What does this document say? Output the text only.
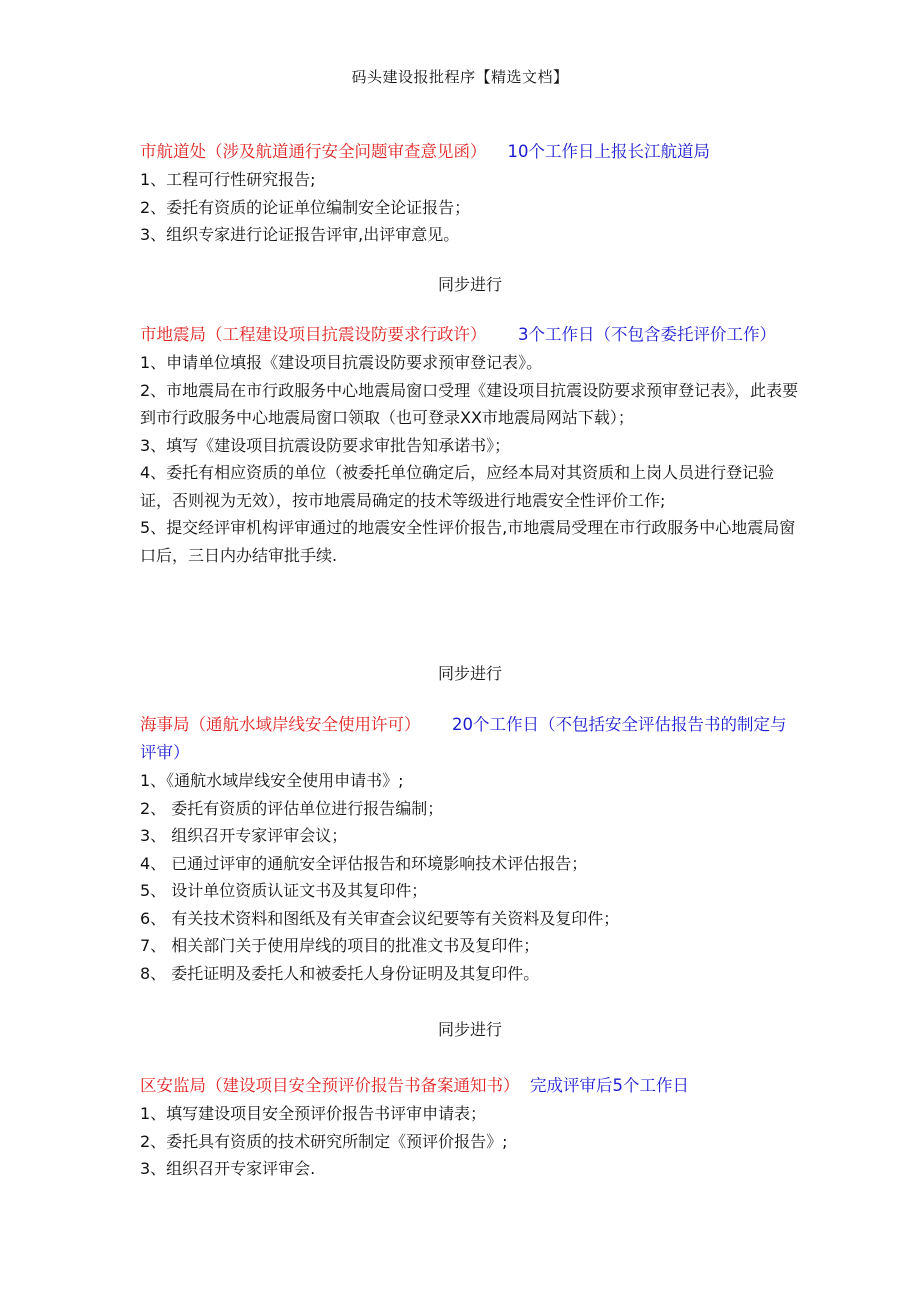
码头建设报批程序【精选文档】

市航道处（涉及航道通行安全问题审查意见函） 10个工作日上报长江航道局

1、工程可行性研究报告;

2、委托有资质的论证单位编制安全论证报告；

3、组织专家进行论证报告评审,出评审意见。

同步进行

市地震局（工程建设项目抗震设防要求行政许） 3个工作日（不包含委托评价工作）

1、申请单位填报《建设项目抗震设防要求预审登记表》。

2、市地震局在市行政服务中心地震局窗口受理《建设项目抗震设防要求预审登记表》，此表要到市行政服务中心地震局窗口领取（也可登录XX市地震局网站下载）；

3、填写《建设项目抗震设防要求审批告知承诺书》；

4、委托有相应资质的单位（被委托单位确定后，应经本局对其资质和上岗人员进行登记验证，否则视为无效），按市地震局确定的技术等级进行地震安全性评价工作;

5、提交经评审机构评审通过的地震安全性评价报告,市地震局受理在市行政服务中心地震局窗口后，三日内办结审批手续.

同步进行

海事局（通航水域岸线安全使用许可） 20个工作日（不包括安全评估报告书的制定与评审）

1、《通航水域岸线安全使用申请书》;

2、 委托有资质的评估单位进行报告编制；

3、 组织召开专家评审会议；

4、 已通过评审的通航安全评估报告和环境影响技术评估报告；

5、 设计单位资质认证文书及其复印件；

6、 有关技术资料和图纸及有关审查会议纪要等有关资料及复印件；

7、 相关部门关于使用岸线的项目的批准文书及复印件；

8、 委托证明及委托人和被委托人身份证明及其复印件。

同步进行

区安监局（建设项目安全预评价报告书备案通知书） 完成评审后5个工作日

1、填写建设项目安全预评价报告书评审申请表；

2、委托具有资质的技术研究所制定《预评价报告》;

3、组织召开专家评审会.
